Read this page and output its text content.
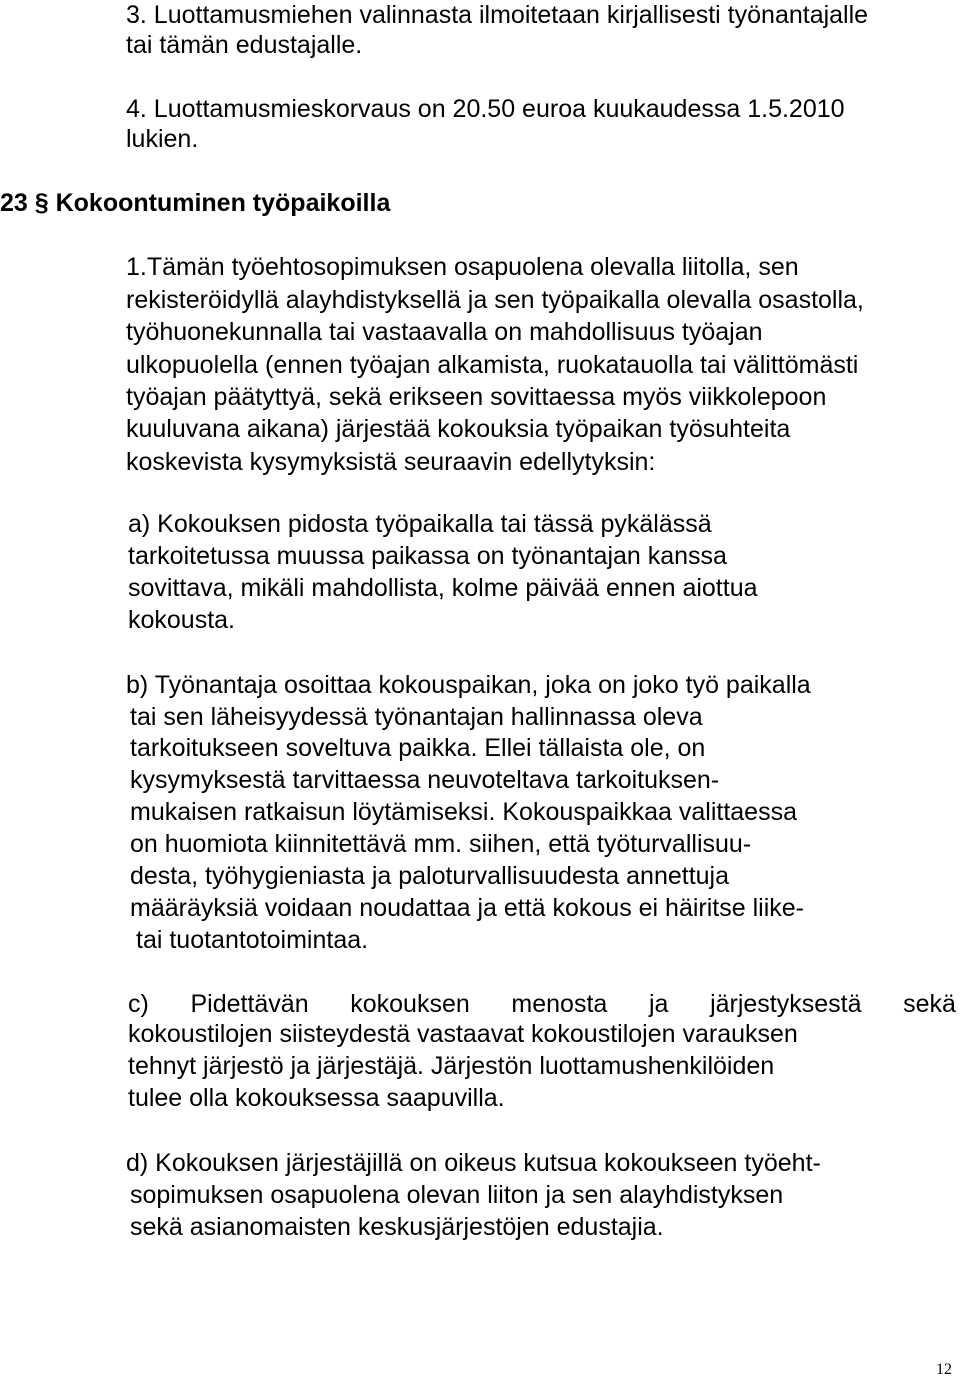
3. Luottamusmiehen valinnasta ilmoitetaan kirjallisesti työnantajalle
tai tämän edustajalle.
4. Luottamusmieskorvaus on 20.50 euroa kuukaudessa 1.5.2010
lukien.
23 § Kokoontuminen työpaikoilla
1.Tämän työehtosopimuksen osapuolena olevalla liitolla, sen
rekisteröidyllä alayhdistyksellä ja sen työpaikalla olevalla osastolla,
työhuonekunnalla tai vastaavalla on mahdollisuus työajan
ulkopuolella (ennen työajan alkamista, ruokatauolla tai välittömästi
työajan päätyttyä, sekä erikseen sovittaessa myös viikkolepoon
kuuluvana aikana) järjestää kokouksia työpaikan työsuhteita
koskevista kysymyksistä seuraavin edellytyksin:
a) Kokouksen pidosta työpaikalla tai tässä pykälässä
tarkoitetussa muussa paikassa on työnantajan kanssa
sovittava, mikäli mahdollista, kolme päivää ennen aiottua
kokousta.
b) Työnantaja osoittaa kokouspaikan, joka on joko työ paikalla
tai sen läheisyydessä työnantajan hallinnassa oleva
tarkoitukseen soveltuva paikka. Ellei tällaista ole, on
kysymyksestä tarvittaessa neuvoteltava tarkoituksen-
mukaisen ratkaisun löytämiseksi. Kokouspaikkaa valittaessa
on huomiota kiinnitettävä mm. siihen, että työturvallisuu-
desta, työhygieniasta ja paloturvallisuudesta annettuja
määräyksiä voidaan noudattaa ja että kokous ei häiritse liike-
tai tuotantotoimintaa.
c) Pidettävän kokouksen menosta ja järjestyksestä sekä
kokoustilojen siisteydestä vastaavat kokoustilojen varauksen
tehnyt järjestö ja järjestäjä. Järjestön luottamushenkilöiden
tulee olla kokouksessa saapuvilla.
d) Kokouksen järjestäjillä on oikeus kutsua kokoukseen työeht-
sopimuksen osapuolena olevan liiton ja sen alayhdistyksen
sekä asianomaisten keskusjärjestöjen edustajia.
12
